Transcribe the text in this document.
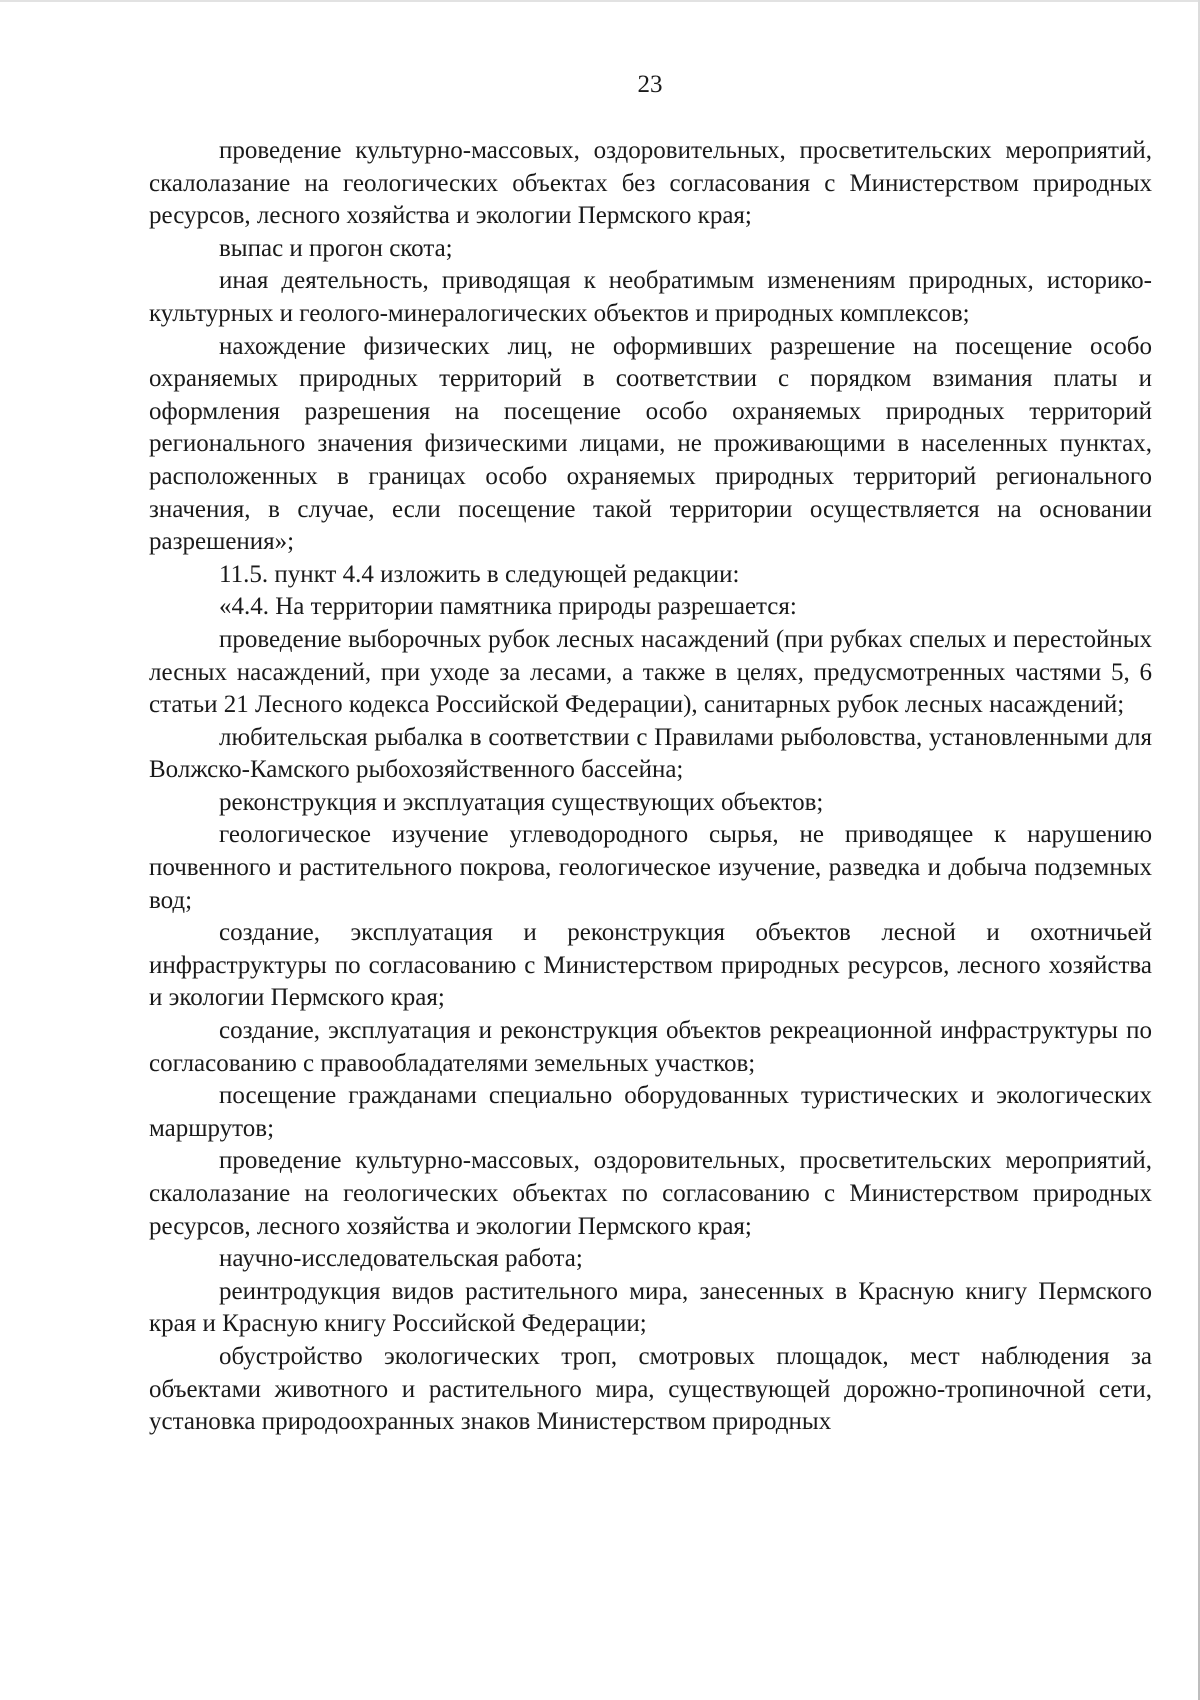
23

проведение культурно-массовых, оздоровительных, просветительских мероприятий, скалолазание на геологических объектах без согласования с Министерством природных ресурсов, лесного хозяйства и экологии Пермского края;

выпас и прогон скота;

иная деятельность, приводящая к необратимым изменениям природных, историко-культурных и геолого-минералогических объектов и природных комплексов;

нахождение физических лиц, не оформивших разрешение на посещение особо охраняемых природных территорий в соответствии с порядком взимания платы и оформления разрешения на посещение особо охраняемых природных территорий регионального значения физическими лицами, не проживающими в населенных пунктах, расположенных в границах особо охраняемых природных территорий регионального значения, в случае, если посещение такой территории осуществляется на основании разрешения»;

11.5. пункт 4.4 изложить в следующей редакции:

«4.4. На территории памятника природы разрешается:

проведение выборочных рубок лесных насаждений (при рубках спелых и перестойных лесных насаждений, при уходе за лесами, а также в целях, предусмотренных частями 5, 6 статьи 21 Лесного кодекса Российской Федерации), санитарных рубок лесных насаждений;

любительская рыбалка в соответствии с Правилами рыболовства, установленными для Волжско-Камского рыбохозяйственного бассейна;

реконструкция и эксплуатация существующих объектов;

геологическое изучение углеводородного сырья, не приводящее к нарушению почвенного и растительного покрова, геологическое изучение, разведка и добыча подземных вод;

создание, эксплуатация и реконструкция объектов лесной и охотничьей инфраструктуры по согласованию с Министерством природных ресурсов, лесного хозяйства и экологии Пермского края;

создание, эксплуатация и реконструкция объектов рекреационной инфраструктуры по согласованию с правообладателями земельных участков;

посещение гражданами специально оборудованных туристических и экологических маршрутов;

проведение культурно-массовых, оздоровительных, просветительских мероприятий, скалолазание на геологических объектах по согласованию с Министерством природных ресурсов, лесного хозяйства и экологии Пермского края;

научно-исследовательская работа;

реинтродукция видов растительного мира, занесенных в Красную книгу Пермского края и Красную книгу Российской Федерации;

обустройство экологических троп, смотровых площадок, мест наблюдения за объектами животного и растительного мира, существующей дорожно-тропиночной сети, установка природоохранных знаков Министерством природных
